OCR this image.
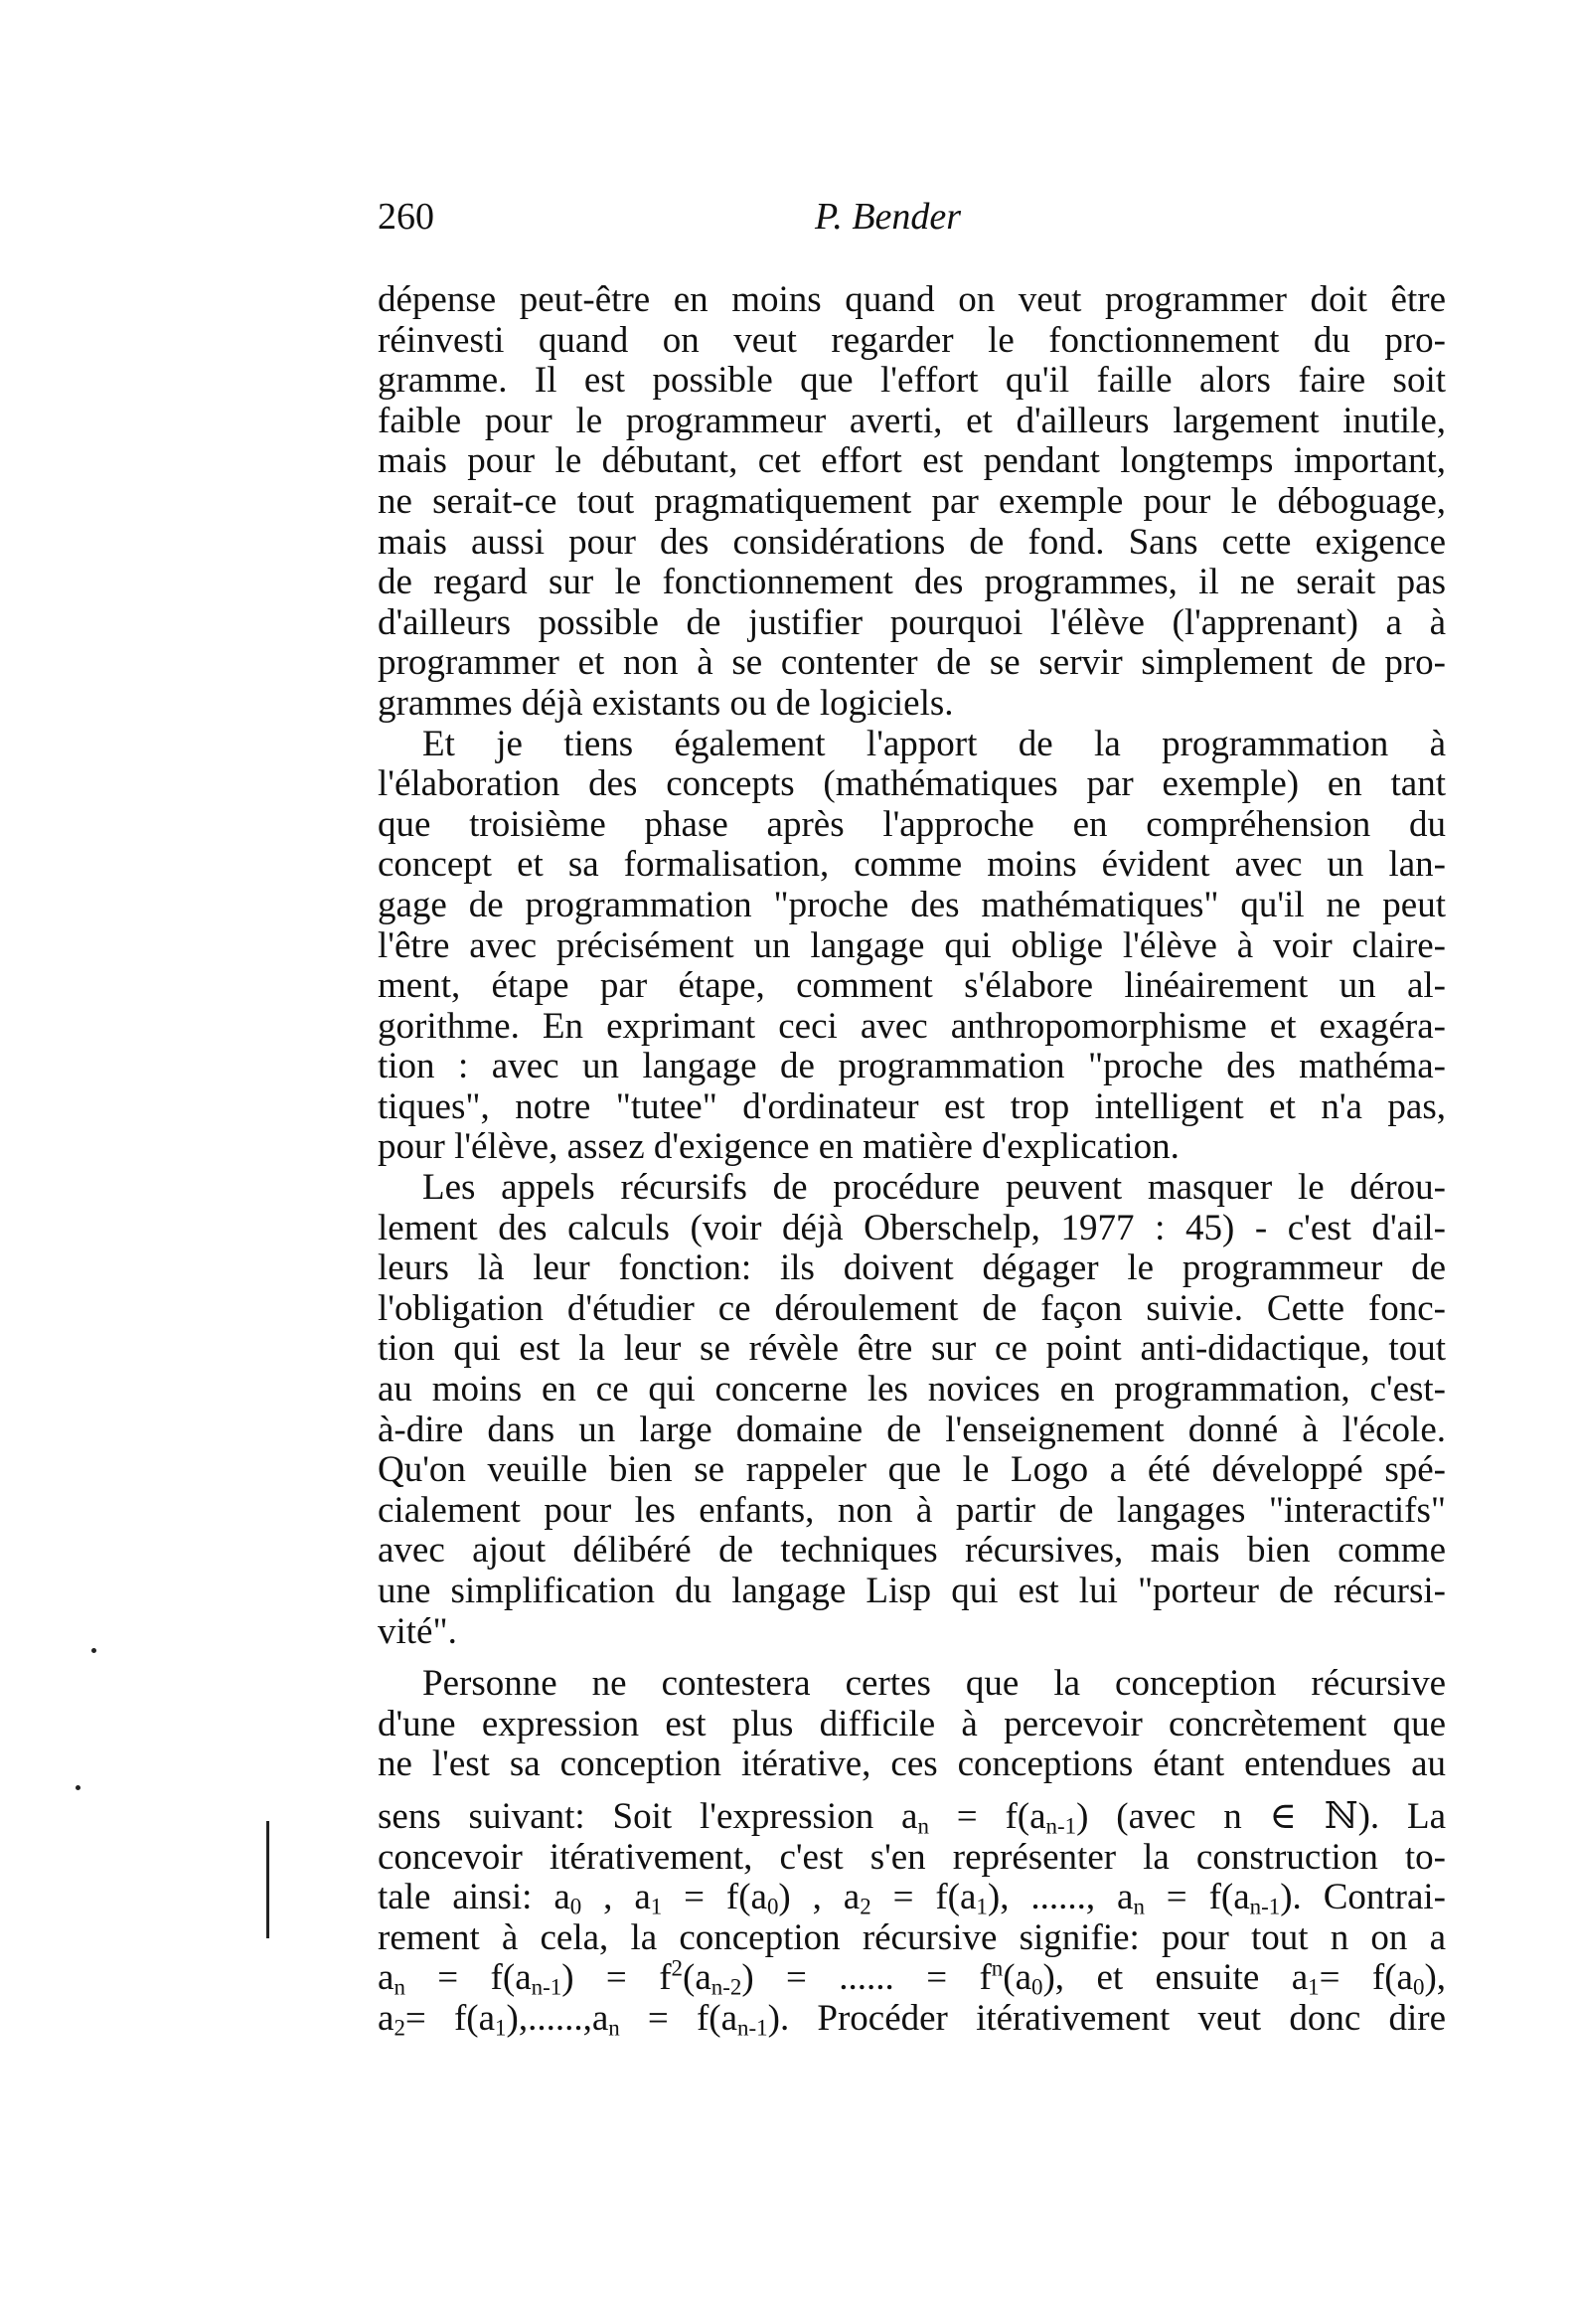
260	P. Bender
dépense peut-être en moins quand on veut programmer doit être
réinvesti quand on veut regarder le fonctionnement du pro-
gramme. Il est possible que l'effort qu'il faille alors faire soit
faible pour le programmeur averti, et d'ailleurs largement inutile,
mais pour le débutant, cet effort est pendant longtemps important,
ne serait-ce tout pragmatiquement par exemple pour le déboguage,
mais aussi pour des considérations de fond. Sans cette exigence
de regard sur le fonctionnement des programmes, il ne serait pas
d'ailleurs possible de justifier pourquoi l'élève (l'apprenant) a à
programmer et non à se contenter de se servir simplement de pro-
grammes déjà existants ou de logiciels.
Et je tiens également l'apport de la programmation à
l'élaboration des concepts (mathématiques par exemple) en tant
que troisième phase après l'approche en compréhension du
concept et sa formalisation, comme moins évident avec un lan-
gage de programmation "proche des mathématiques" qu'il ne peut
l'être avec précisément un langage qui oblige l'élève à voir claire-
ment, étape par étape, comment s'élabore linéairement un al-
gorithme. En exprimant ceci avec anthropomorphisme et exagéra-
tion : avec un langage de programmation "proche des mathéma-
tiques", notre "tutee" d'ordinateur est trop intelligent et n'a pas,
pour l'élève, assez d'exigence en matière d'explication.
Les appels récursifs de procédure peuvent masquer le dérou-
lement des calculs (voir déjà Oberschelp, 1977 : 45) - c'est d'ail-
leurs là leur fonction: ils doivent dégager le programmeur de
l'obligation d'étudier ce déroulement de façon suivie. Cette fonc-
tion qui est la leur se révèle être sur ce point anti-didactique, tout
au moins en ce qui concerne les novices en programmation, c'est-
à-dire dans un large domaine de l'enseignement donné à l'école.
Qu'on veuille bien se rappeler que le Logo a été développé spé-
cialement pour les enfants, non à partir de langages "interactifs"
avec ajout délibéré de techniques récursives, mais bien comme
une simplification du langage Lisp qui est lui "porteur de récursi-
vité".
Personne ne contestera certes que la conception récursive
d'une expression est plus difficile à percevoir concrètement que
ne l'est sa conception itérative, ces conceptions étant entendues au
sens suivant: Soit l'expression $a_n = f(a_{n-1})$ (avec n ∈ ℕ). La
concevoir itérativement, c'est s'en représenter la construction to-
tale ainsi: $a_0$ , $a_1 = f(a_0)$ , $a_2 = f(a_1)$, ......, $a_n = f(a_{n-1})$. Contrai-
rement à cela, la conception récursive signifie: pour tout n on a
$a_n = f(a_{n-1}) = f^2(a_{n-2})$ = ...... = $f^n(a_0)$, et ensuite $a_1= f(a_0)$,
$a_2= f(a_1),......,a_n = f(a_{n-1})$. Procéder itérativement veut donc dire
